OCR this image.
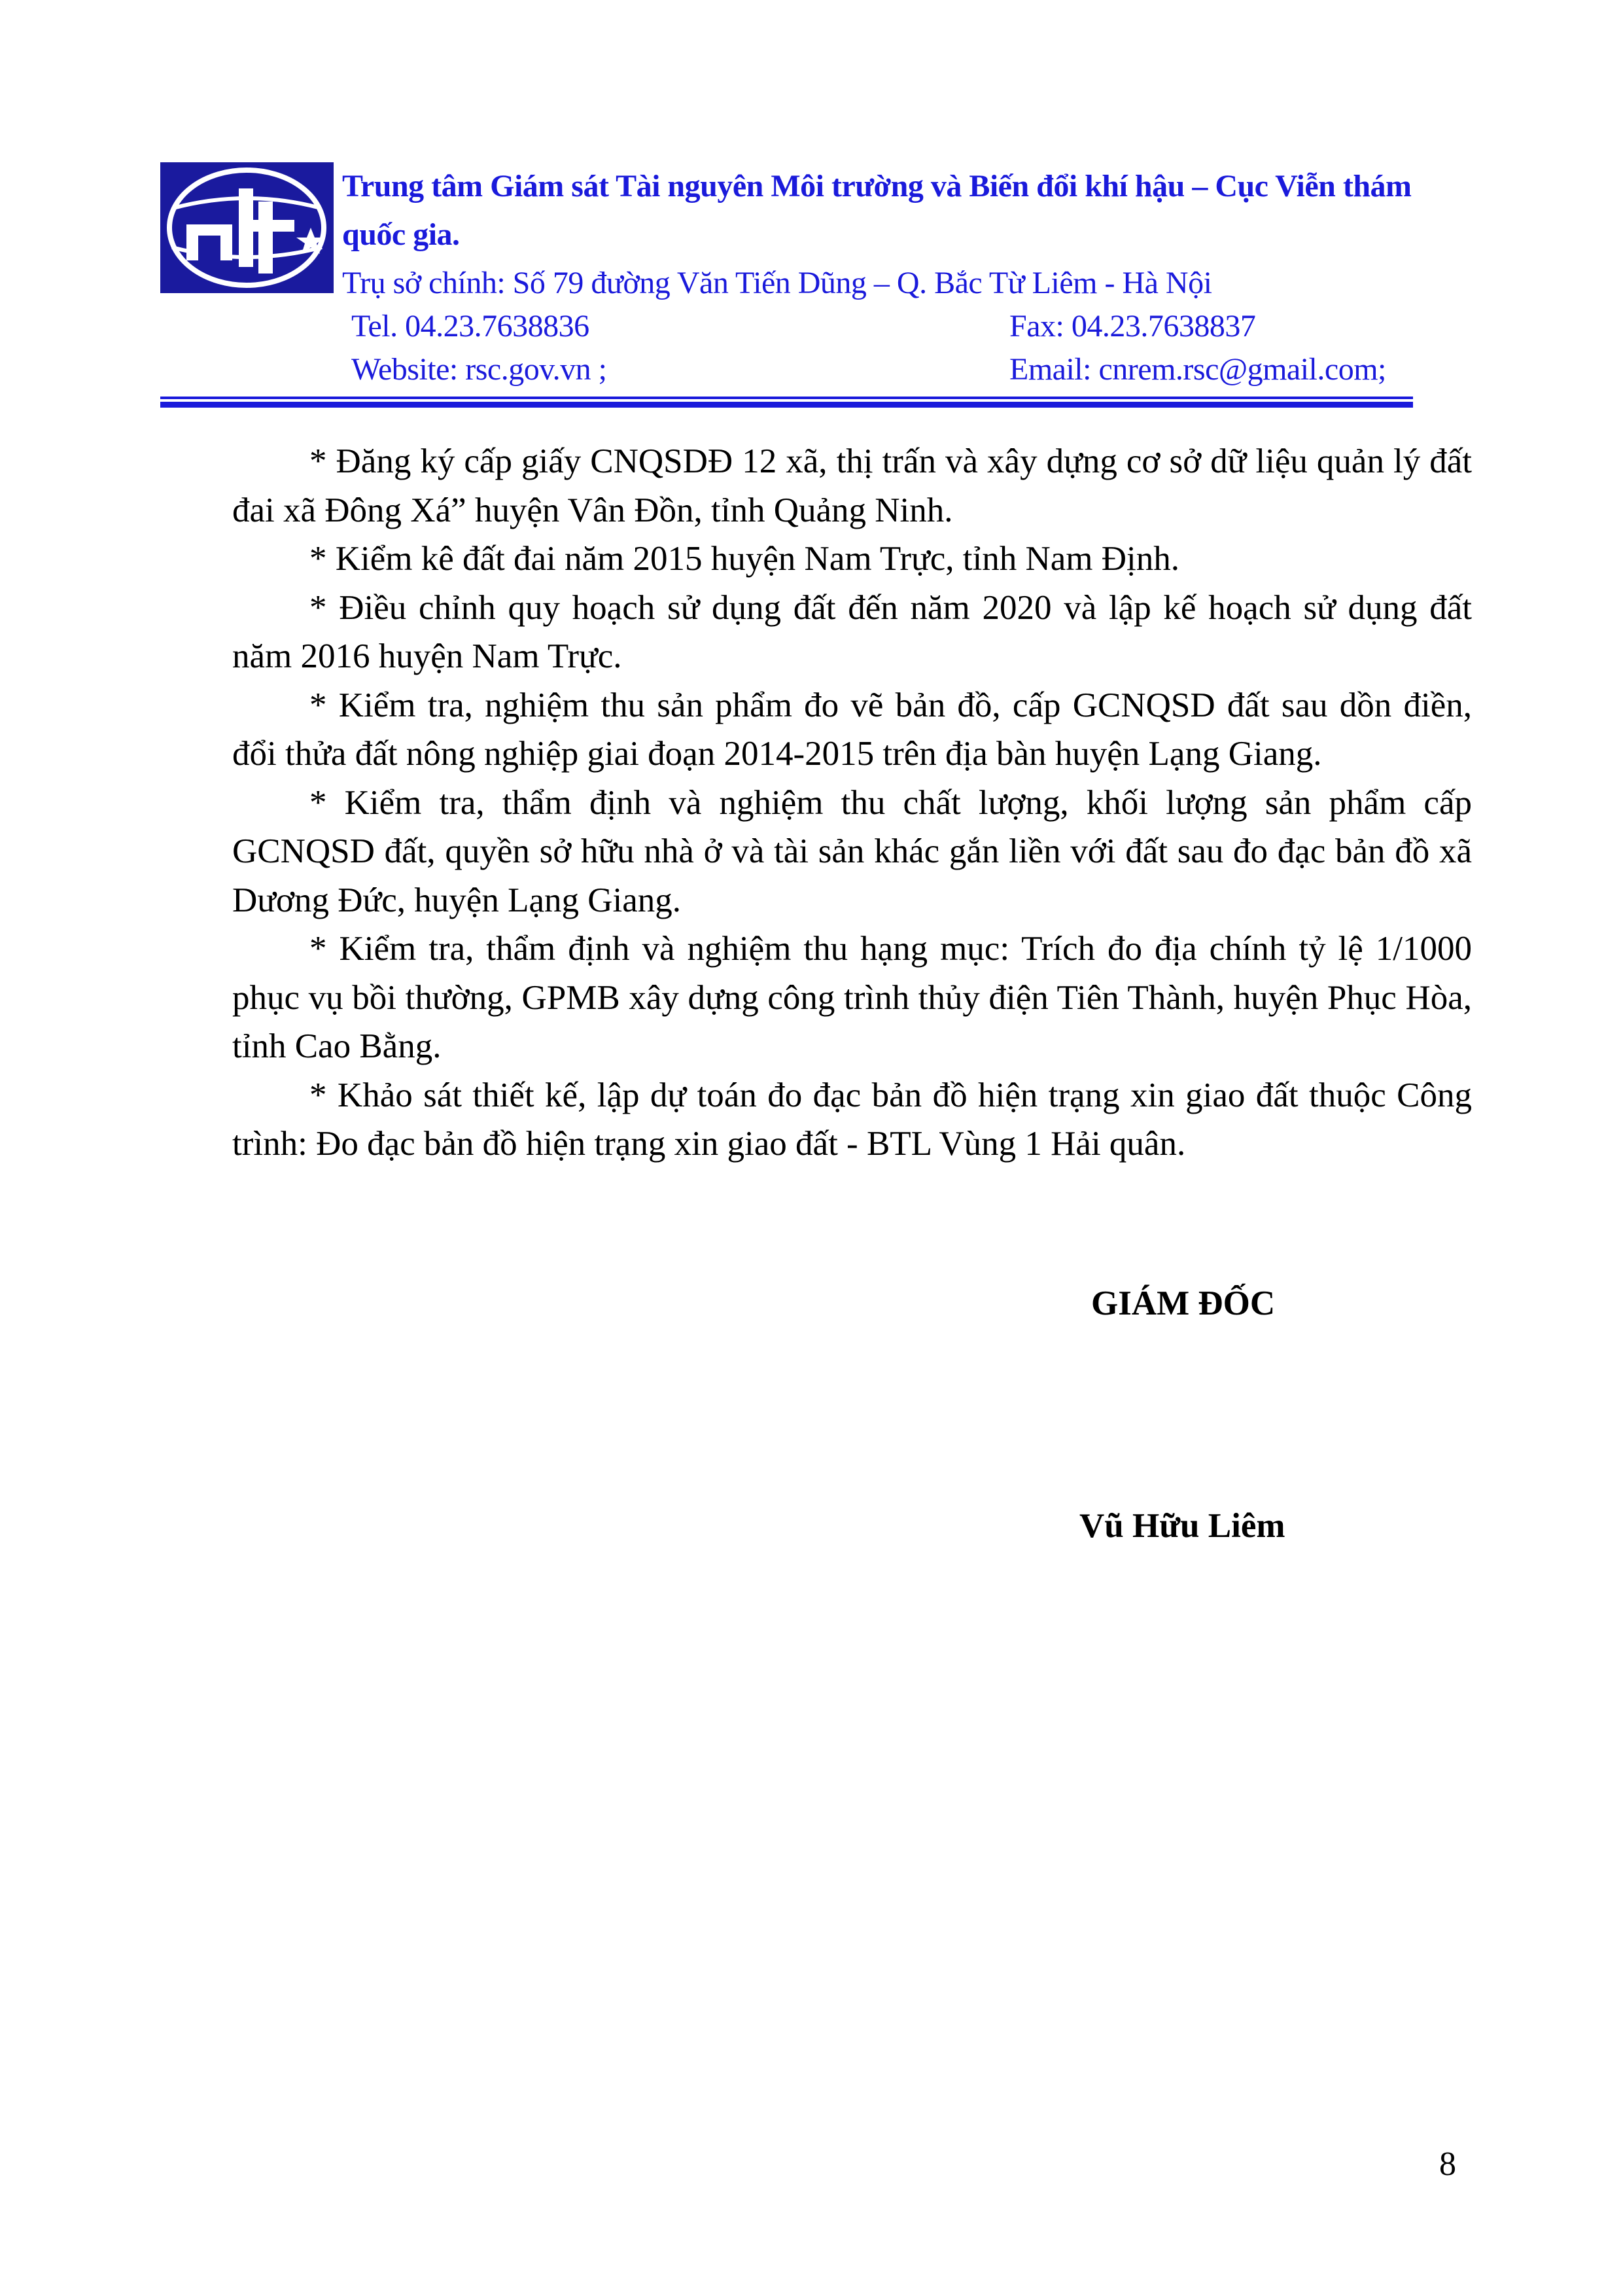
Trung tâm Giám sát Tài nguyên Môi trường và Biến đổi khí hậu – Cục Viễn thám quốc gia.
Trụ sở chính: Số 79 đường Văn Tiến Dũng – Q. Bắc Từ Liêm - Hà Nội
Tel. 04.23.7638836	Fax: 04.23.7638837
Website: rsc.gov.vn ;	Email: cnrem.rsc@gmail.com;

* Đăng ký cấp giấy CNQSDĐ 12 xã, thị trấn và xây dựng cơ sở dữ liệu quản lý đất đai xã Đông Xá” huyện Vân Đồn, tỉnh Quảng Ninh.

* Kiểm kê đất đai năm 2015 huyện Nam Trực, tỉnh Nam Định.

* Điều chỉnh quy hoạch sử dụng đất đến năm 2020 và lập kế hoạch sử dụng đất năm 2016 huyện Nam Trực.

* Kiểm tra, nghiệm thu sản phẩm đo vẽ bản đồ, cấp GCNQSD đất sau dồn điền, đổi thửa đất nông nghiệp giai đoạn 2014-2015 trên địa bàn huyện Lạng Giang.

* Kiểm tra, thẩm định và nghiệm thu chất lượng, khối lượng sản phẩm cấp GCNQSD đất, quyền sở hữu nhà ở và tài sản khác gắn liền với đất sau đo đạc bản đồ xã Dương Đức, huyện Lạng Giang.

* Kiểm tra, thẩm định và nghiệm thu hạng mục: Trích đo địa chính tỷ lệ 1/1000 phục vụ bồi thường, GPMB xây dựng công trình thủy điện Tiên Thành, huyện Phục Hòa, tỉnh Cao Bằng.

* Khảo sát thiết kế, lập dự toán đo đạc bản đồ hiện trạng xin giao đất thuộc Công trình: Đo đạc bản đồ hiện trạng xin giao đất - BTL Vùng 1 Hải quân.

GIÁM ĐỐC
Vũ Hữu Liêm
8
